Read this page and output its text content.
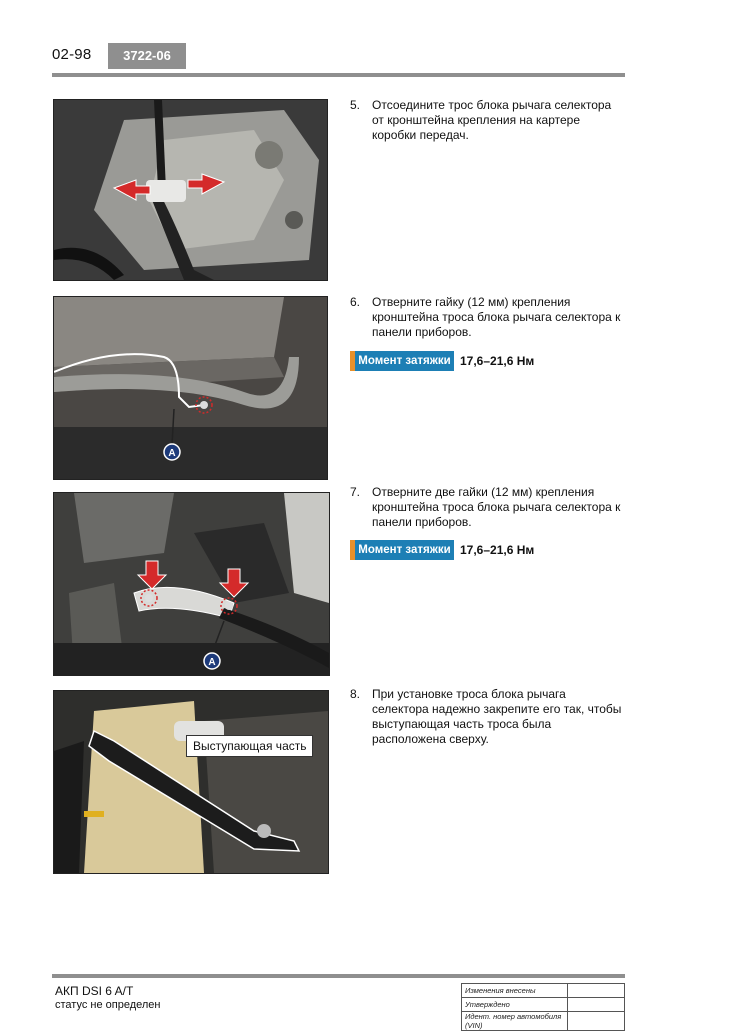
02-98	3722-06
5. Отсоедините трос блока рычага селектора от кронштейна крепления на картере коробки передач.
A
6. Отверните гайку (12 мм) крепления кронштейна троса блока рычага селектора к панели приборов.
Момент затяжки 17,6–21,6 Нм
A
7. Отверните две гайки (12 мм) крепления кронштейна троса блока рычага селектора к панели приборов.
Момент затяжки 17,6–21,6 Нм
Выступающая часть
8. При установке троса блока рычага селектора надежно закрепите его так, чтобы выступающая часть троса была расположена сверху.
АКП DSI 6 A/T
статус не определен
Изменения внесены	
Утверждено	
Идент. номер автомобиля (VIN)	
